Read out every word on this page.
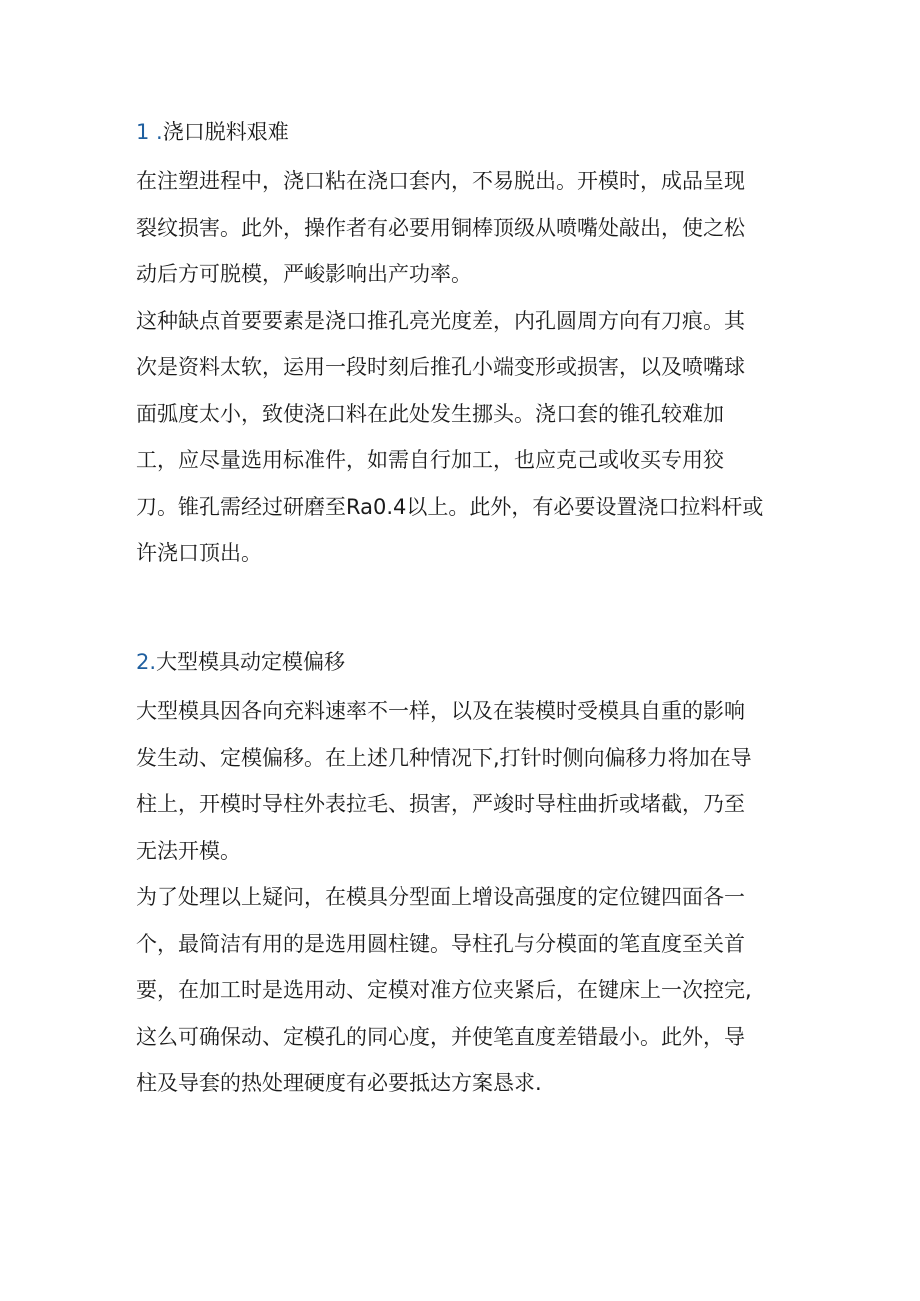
1 .浇口脱料艰难

在注塑进程中，浇口粘在浇口套内，不易脱出。开模时，成品呈现
裂纹损害。此外，操作者有必要用铜棒顶级从喷嘴处敲出，使之松
动后方可脱模，严峻影响出产功率。

这种缺点首要要素是浇口推孔亮光度差，内孔圆周方向有刀痕。其
次是资料太软，运用一段时刻后推孔小端变形或损害，以及喷嘴球
面弧度太小，致使浇口料在此处发生挪头。浇口套的锥孔较难加
工，应尽量选用标准件，如需自行加工，也应克己或收买专用狡
刀。锥孔需经过研磨至Ra0.4以上。此外，有必要设置浇口拉料杆或
许浇口顶出。

2.大型模具动定模偏移

大型模具因各向充料速率不一样，以及在装模时受模具自重的影响
发生动、定模偏移。在上述几种情况下,打针时侧向偏移力将加在导
柱上，开模时导柱外表拉毛、损害，严竣时导柱曲折或堵截，乃至
无法开模。

为了处理以上疑问，在模具分型面上增设高强度的定位键四面各一
个，最简洁有用的是选用圆柱键。导柱孔与分模面的笔直度至关首
要，在加工时是选用动、定模对准方位夹紧后，在键床上一次控完,
这么可确保动、定模孔的同心度，并使笔直度差错最小。此外，导
柱及导套的热处理硬度有必要抵达方案恳求.
